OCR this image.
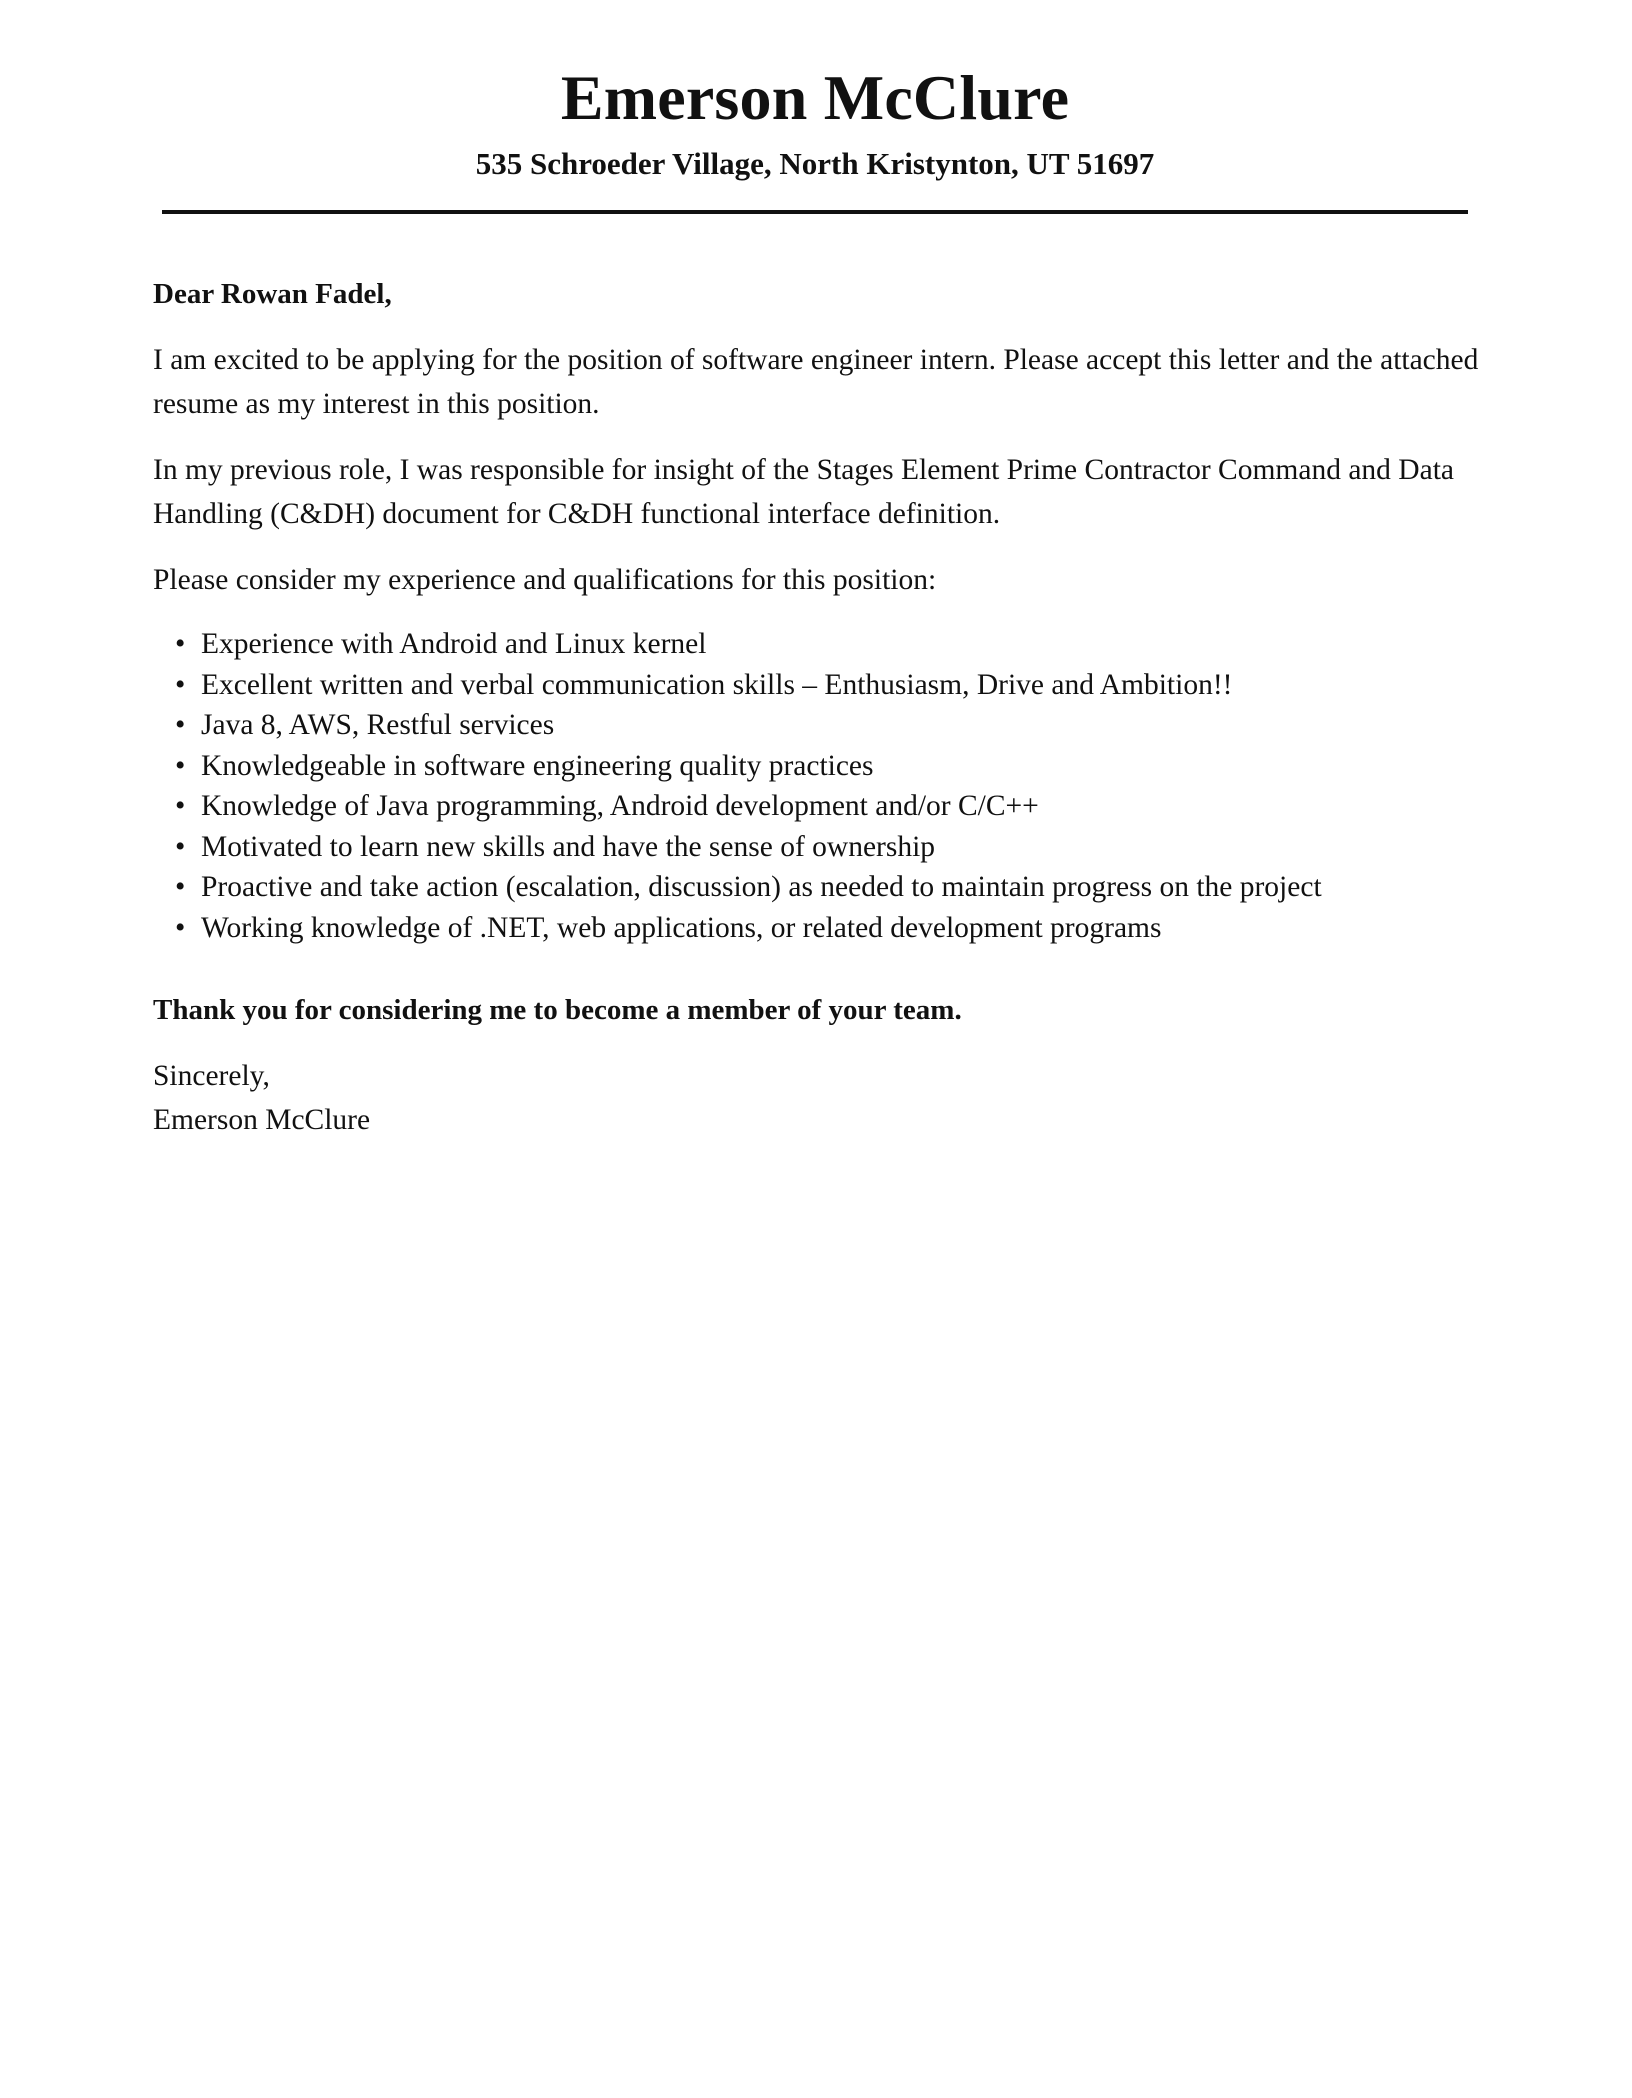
Emerson McClure
535 Schroeder Village, North Kristynton, UT 51697

Dear Rowan Fadel,

I am excited to be applying for the position of software engineer intern. Please accept this letter and the attached resume as my interest in this position.

In my previous role, I was responsible for insight of the Stages Element Prime Contractor Command and Data Handling (C&DH) document for C&DH functional interface definition.

Please consider my experience and qualifications for this position:

• Experience with Android and Linux kernel
• Excellent written and verbal communication skills – Enthusiasm, Drive and Ambition!!
• Java 8, AWS, Restful services
• Knowledgeable in software engineering quality practices
• Knowledge of Java programming, Android development and/or C/C++
• Motivated to learn new skills and have the sense of ownership
• Proactive and take action (escalation, discussion) as needed to maintain progress on the project
• Working knowledge of .NET, web applications, or related development programs

Thank you for considering me to become a member of your team.

Sincerely,
Emerson McClure
